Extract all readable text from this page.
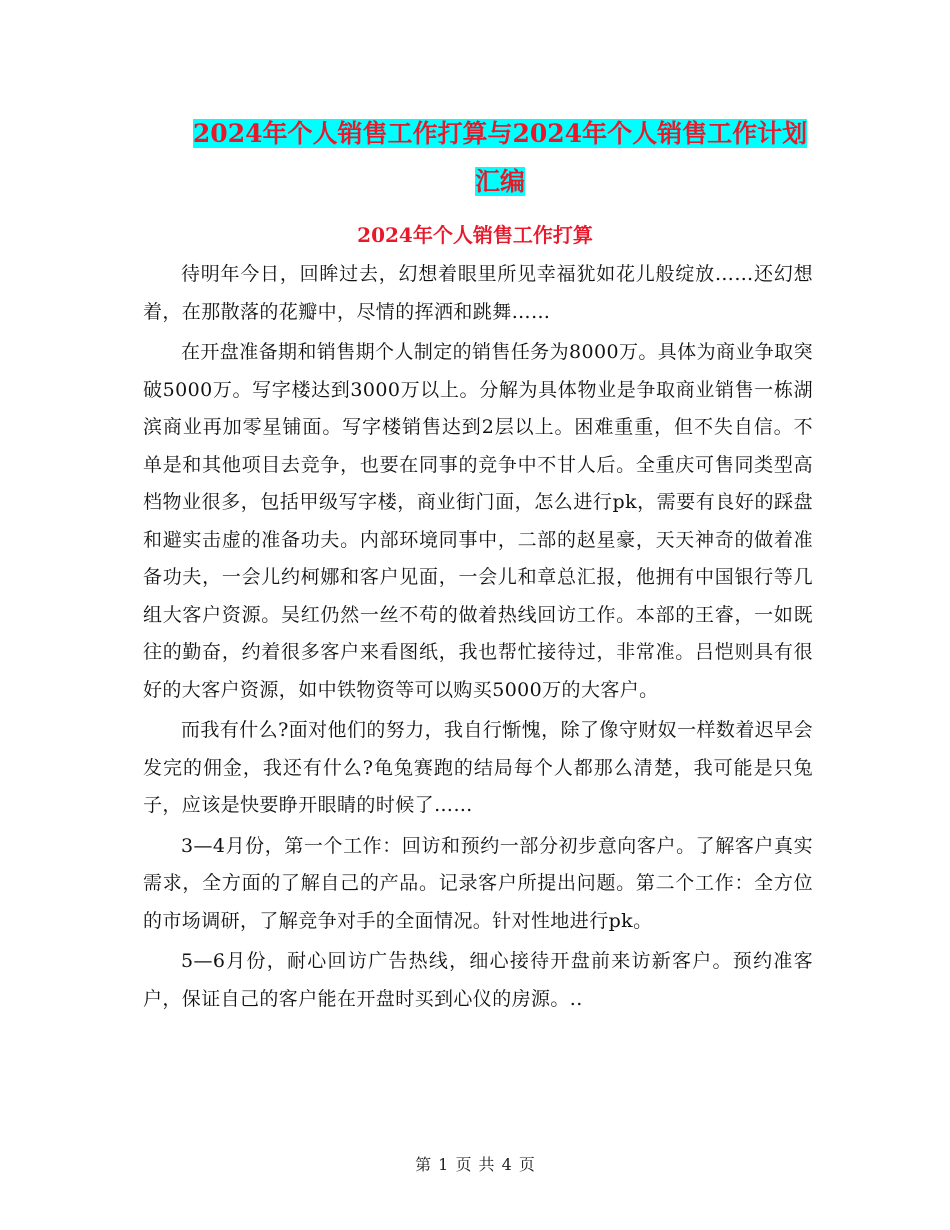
2024年个人销售工作打算与2024年个人销售工作计划
汇编
2024年个人销售工作打算

待明年今日，回眸过去，幻想着眼里所见幸福犹如花儿般绽放……还幻想着，在那散落的花瓣中，尽情的挥洒和跳舞……

在开盘准备期和销售期个人制定的销售任务为8000万。具体为商业争取突破5000万。写字楼达到3000万以上。分解为具体物业是争取商业销售一栋湖滨商业再加零星铺面。写字楼销售达到2层以上。困难重重，但不失自信。不单是和其他项目去竞争，也要在同事的竞争中不甘人后。全重庆可售同类型高档物业很多，包括甲级写字楼，商业街门面，怎么进行pk，需要有良好的踩盘和避实击虚的准备功夫。内部环境同事中，二部的赵星豪，天天神奇的做着准备功夫，一会儿约柯娜和客户见面，一会儿和章总汇报，他拥有中国银行等几组大客户资源。吴红仍然一丝不苟的做着热线回访工作。本部的王睿，一如既往的勤奋，约着很多客户来看图纸，我也帮忙接待过，非常准。吕恺则具有很好的大客户资源，如中铁物资等可以购买5000万的大客户。

而我有什么?面对他们的努力，我自行惭愧，除了像守财奴一样数着迟早会发完的佣金，我还有什么?龟兔赛跑的结局每个人都那么清楚，我可能是只兔子，应该是快要睁开眼睛的时候了……

3—4月份，第一个工作：回访和预约一部分初步意向客户。了解客户真实需求，全方面的了解自己的产品。记录客户所提出问题。第二个工作：全方位的市场调研，了解竞争对手的全面情况。针对性地进行pk。

5—6月份，耐心回访广告热线，细心接待开盘前来访新客户。预约准客户，保证自己的客户能在开盘时买到心仪的房源。..

第 1 页 共 4 页
